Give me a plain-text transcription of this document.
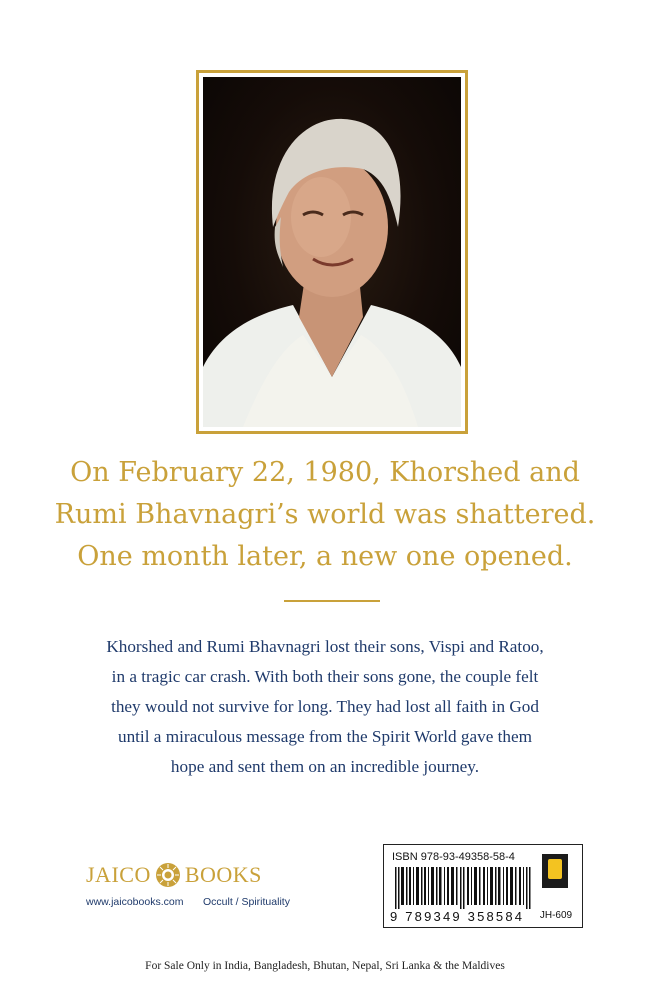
On February 22, 1980, Khorshed and
Rumi Bhavnagri’s world was shattered.
One month later, a new one opened.
Khorshed and Rumi Bhavnagri lost their sons, Vispi and Ratoo,
in a tragic car crash. With both their sons gone, the couple felt
they would not survive for long. They had lost all faith in God
until a miraculous message from the Spirit World gave them
hope and sent them on an incredible journey.
JAICO BOOKS
www.jaicobooks.com Occult / Spirituality
ISBN 978-93-49358-58-4
9 789349 358584	JH-609
For Sale Only in India, Bangladesh, Bhutan, Nepal, Sri Lanka & the Maldives
